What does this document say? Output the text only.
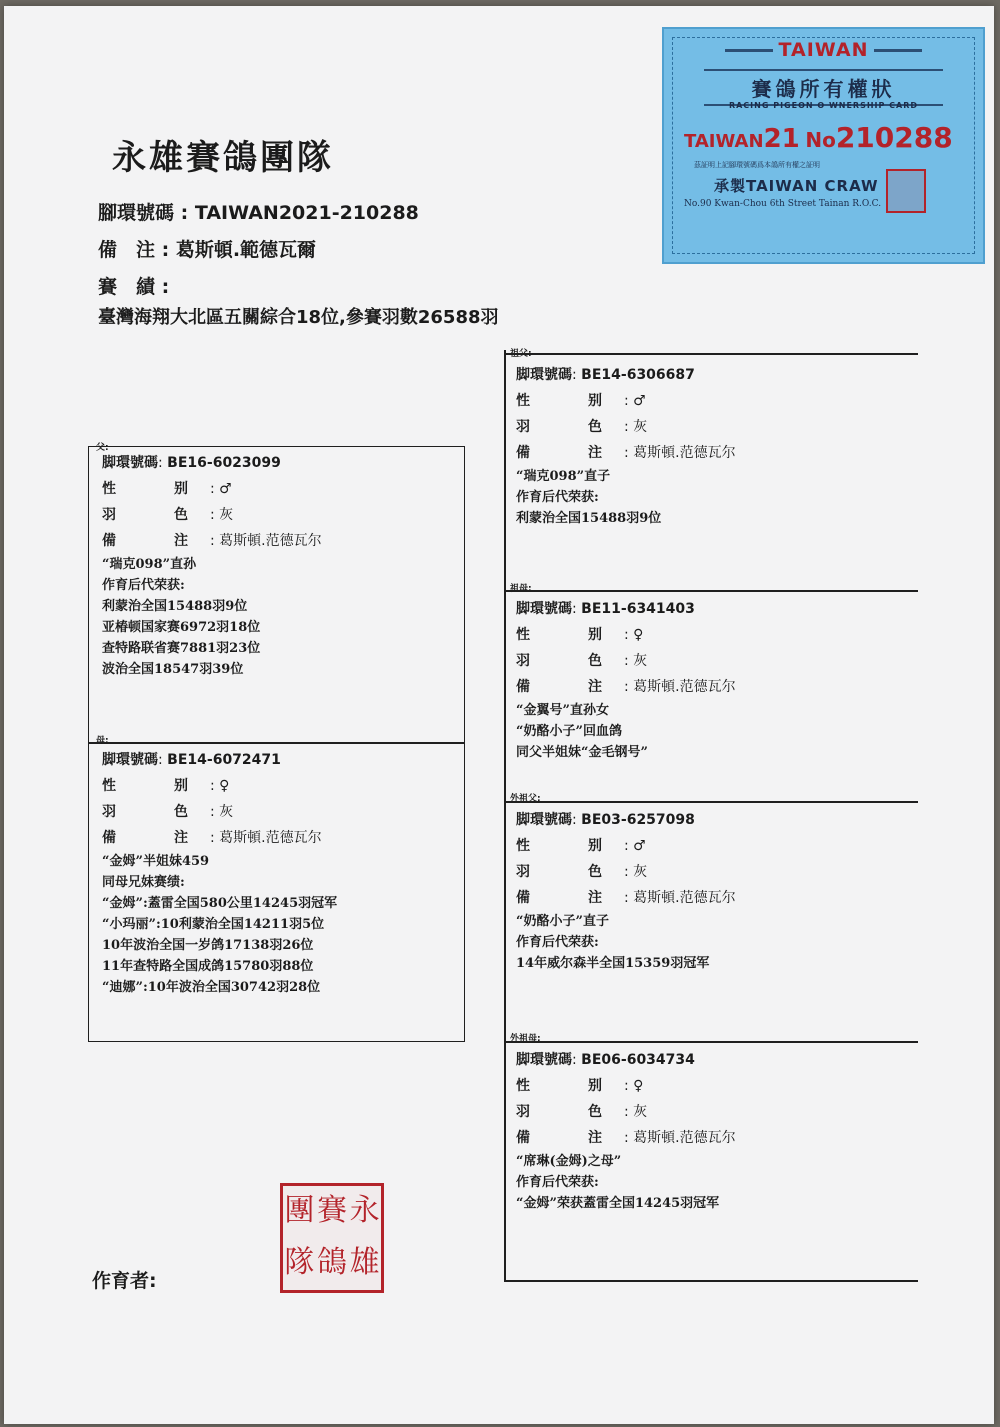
永雄賽鴿團隊
腳環號碼 : TAIWAN2021-210288
備　注 : 葛斯頓.範德瓦爾
賽　績 :
臺灣海翔大北區五關綜合18位,參賽羽數26588羽
TAIWAN
賽鴿所有權狀
RACING PIGEON O WNERSHIP CARD
TAIWAN21 No210288
茲証明上記腳環號碼爲本鴿所有權之証明
承製TAIWAN CRAW
No.90 Kwan-Chou 6th Street Tainan R.O.C.
父:
脚環號碼: BE16-6023099
性　别: ♂
羽　色: 灰
備　注: 葛斯頓.范德瓦尔
“瑞克098”直孙
作育后代荣获:
利蒙治全国15488羽9位
亚椿顿国家赛6972羽18位
查特路联省赛7881羽23位
波治全国18547羽39位
母:
脚環號碼: BE14-6072471
性　别: ♀
羽　色: 灰
備　注: 葛斯頓.范德瓦尔
“金姆”半姐妹459
同母兄妹赛绩:
“金姆”:蓋雷全国580公里14245羽冠军
“小玛丽”:10利蒙治全国14211羽5位
10年波治全国一岁鸽17138羽26位
11年查特路全国成鸽15780羽88位
“迪娜”:10年波治全国30742羽28位
祖父:
脚環號碼: BE14-6306687
性　别: ♂
羽　色: 灰
備　注: 葛斯頓.范德瓦尔
“瑞克098”直子
作育后代荣获:
利蒙治全国15488羽9位
祖母:
脚環號碼: BE11-6341403
性　别: ♀
羽　色: 灰
備　注: 葛斯頓.范德瓦尔
“金翼号”直孙女
“奶酪小子”回血鸽
同父半姐妹“金毛钢号”
外祖父:
脚環號碼: BE03-6257098
性　别: ♂
羽　色: 灰
備　注: 葛斯頓.范德瓦尔
“奶酪小子”直子
作育后代荣获:
14年威尔森半全国15359羽冠军
外祖母:
脚環號碼: BE06-6034734
性　别: ♀
羽　色: 灰
備　注: 葛斯頓.范德瓦尔
“席琳(金姆)之母”
作育后代荣获:
“金姆”荣获蓋雷全国14245羽冠军
作育者:
團 賽 永
隊 鴿 雄
